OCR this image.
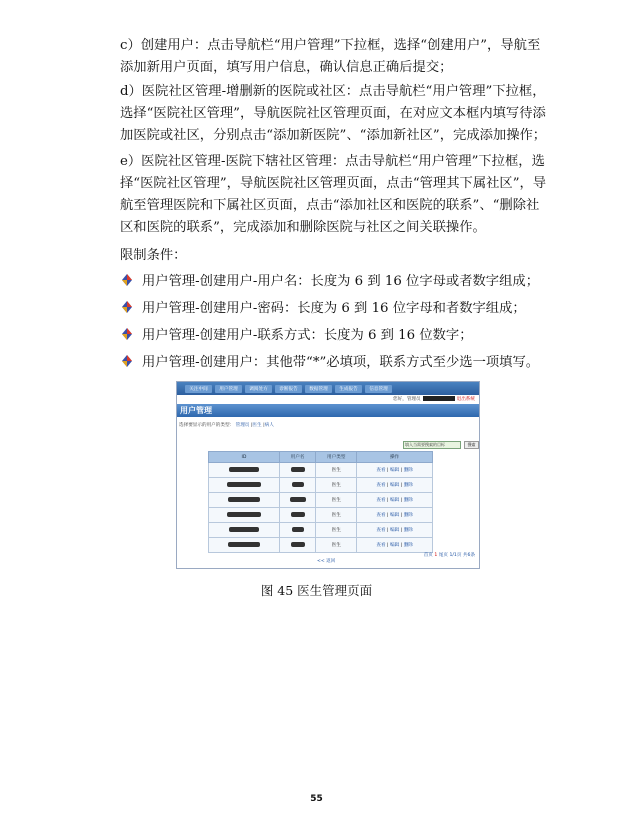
c）创建用户：点击导航栏“用户管理”下拉框，选择“创建用户”，导航至添加新用户页面，填写用户信息，确认信息正确后提交；
d）医院社区管理-增删新的医院或社区：点击导航栏“用户管理”下拉框，选择“医院社区管理”，导航医院社区管理页面，在对应文本框内填写待添加医院或社区，分别点击“添加新医院”、“添加新社区”，完成添加操作；
e）医院社区管理-医院下辖社区管理：点击导航栏“用户管理”下拉框，选择“医院社区管理”，导航医院社区管理页面，点击“管理其下属社区”，导航至管理医院和下属社区页面，点击“添加社区和医院的联系”、“删除社区和医院的联系”，完成添加和删除医院与社区之间关联操作。
限制条件：
用户管理-创建用户-用户名：长度为 6 到 16 位字母或者数字组成；
用户管理-创建用户-密码：长度为 6 到 16 位字母和者数字组成；
用户管理-创建用户-联系方式：长度为 6 到 16 位数字；
用户管理-创建用户：其他带“*”必填项，联系方式至少选一项填写。
关注中间	用户管理	调阅处方	诊断报告	数据管理	生成报告	信息管理
您好，管理员	退出系统
用户管理
选择要显示的用户的类型： 管理员 |医生 |病人
填入当需要搜索的目标	搜索
ID	用户名	用户类型	操作
		医生	查看 | 编辑 | 删除
		医生	查看 | 编辑 | 删除
		医生	查看 | 编辑 | 删除
		医生	查看 | 编辑 | 删除
		医生	查看 | 编辑 | 删除
		医生	查看 | 编辑 | 删除
首页 1 尾页 1/1页 共6条
<< 返回
图 45 医生管理页面
55
